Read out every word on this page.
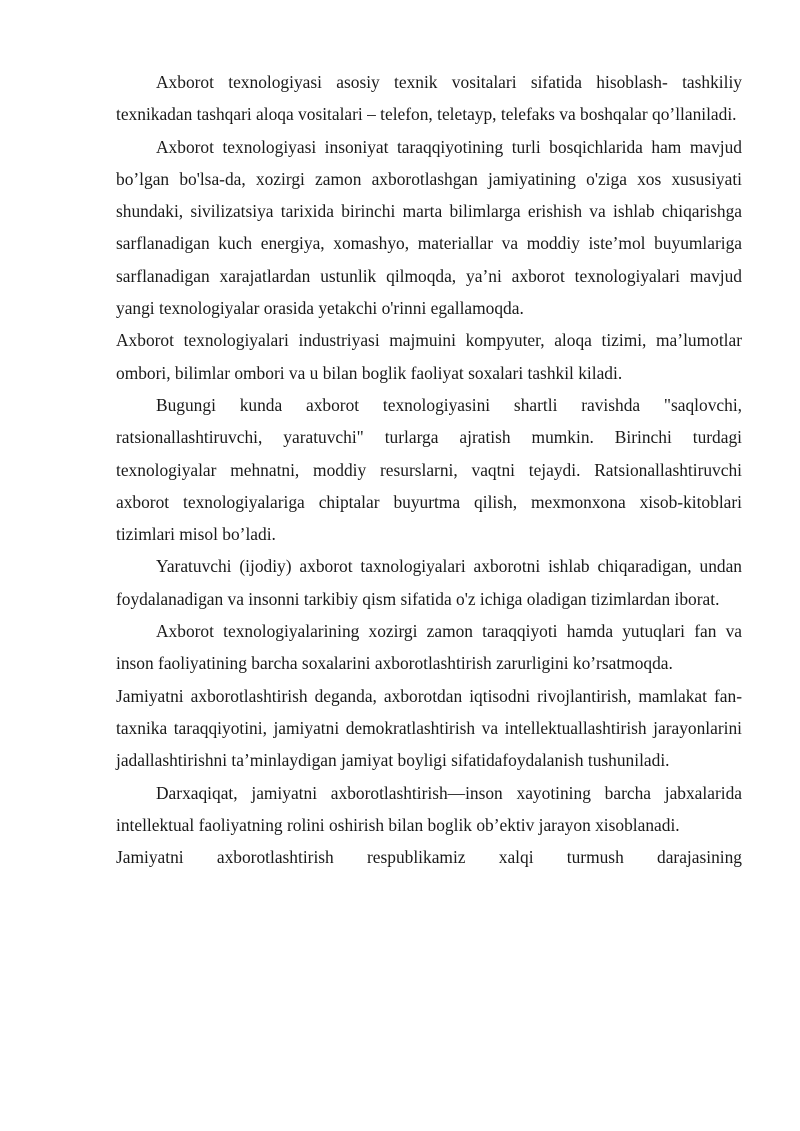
Axborot texnologiyasi asosiy texnik vositalari sifatida hisoblash- tashkiliy texnikadan tashqari aloqa vositalari – telefon, teletayp, telefaks va boshqalar qo’llaniladi.

Axborot texnologiyasi insoniyat taraqqiyotining turli bosqichlarida ham mavjud bo’lgan bo'lsa-da, xozirgi zamon axborotlashgan jamiyatining o'ziga xos xususiyati shundaki, sivilizatsiya tarixida birinchi marta bilimlarga erishish va ishlab chiqarishga sarflanadigan kuch energiya, xomashyo, materiallar va moddiy iste’mol buyumlariga sarflanadigan xarajatlardan ustunlik qilmoqda, ya’ni axborot texnologiyalari mavjud yangi texnologiyalar orasida yetakchi o'rinni egallamoqda.

Axborot texnologiyalari industriyasi majmuini kompyuter, aloqa tizimi, ma’lumotlar ombori, bilimlar ombori va u bilan boglik faoliyat soxalari tashkil kiladi.

Bugungi kunda axborot texnologiyasini shartli ravishda "saqlovchi, ratsionallashtiruvchi, yaratuvchi" turlarga ajratish mumkin. Birinchi turdagi texnologiyalar mehnatni, moddiy resurslarni, vaqtni tejaydi. Ratsionallashtiruvchi axborot texnologiyalariga chiptalar buyurtma qilish, mexmonxona xisob-kitoblari tizimlari misol bo’ladi.

Yaratuvchi (ijodiy) axborot taxnologiyalari axborotni ishlab chiqaradigan, undan foydalanadigan va insonni tarkibiy qism sifatida o'z ichiga oladigan tizimlardan iborat.

Axborot texnologiyalarining xozirgi zamon taraqqiyoti hamda yutuqlari fan va inson faoliyatining barcha soxalarini axborotlashtirish zarurligini ko’rsatmoqda.

Jamiyatni axborotlashtirish deganda, axborotdan iqtisodni rivojlantirish, mamlakat fan-taxnika taraqqiyotini, jamiyatni demokratlashtirish va intellektuallashtirish jarayonlarini jadallashtirishni ta’minlaydigan jamiyat boyligi sifatidafoydalanish tushuniladi.

Darxaqiqat, jamiyatni axborotlashtirish—inson xayotining barcha jabxalarida intellektual faoliyatning rolini oshirish bilan boglik ob’ektiv jarayon xisoblanadi.

Jamiyatni axborotlashtirish respublikamiz xalqi turmush darajasining
